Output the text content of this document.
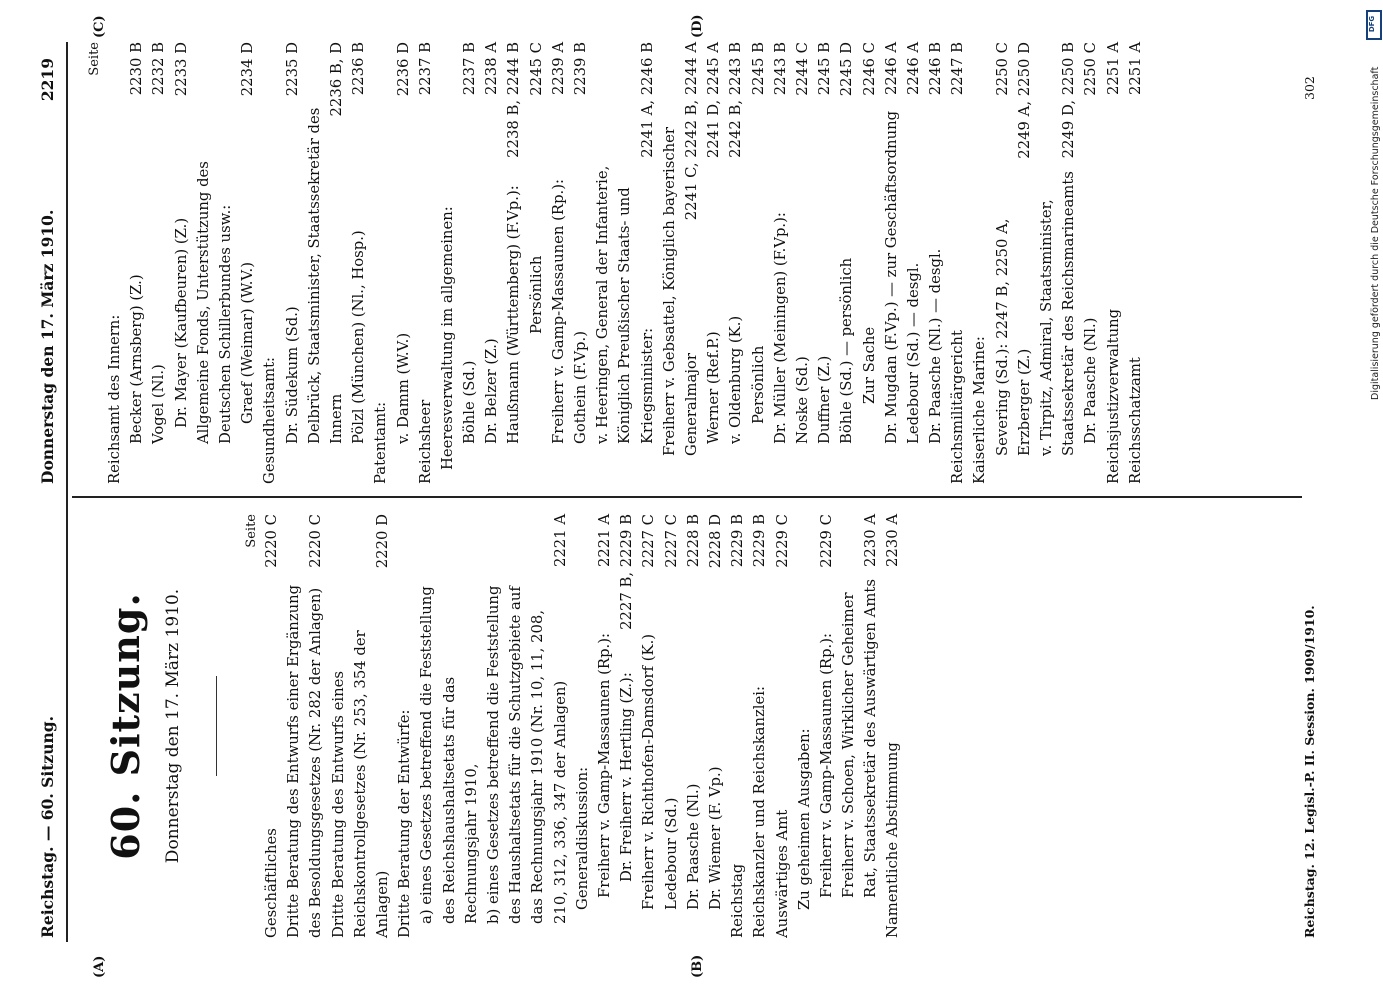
Reichstag. — 60. Sitzung.
Donnerstag den 17. März 1910.
2219
(A)	(B)
(C)	(D)
60. Sitzung. Donnerstag den 17. März 1910.
Seite
Geschäftliches
2220 C
Dritte Beratung des Entwurfs einer Ergänzung des Besoldungsgesetzes (Nr. 282 der Anlagen)
2220 C
Dritte Beratung des Entwurfs eines Reichskontrollgesetzes (Nr. 253, 354 der Anlagen)
2220 D
Dritte Beratung der Entwürfe: a) eines Gesetzes betreffend die Feststellung des Reichshaushaltsetats für das Rechnungsjahr 1910, b) eines Gesetzes betreffend die Feststellung des Haushaltsetats für die Schutzgebiete auf das Rechnungsjahr 1910 (Nr. 10, 11, 208, 210, 312, 336, 347 der Anlagen)
2221 A
Generaldiskussion: Freiherr v. Gamp-Massaunen (Rp.):
2221 A
Dr. Freiherr v. Hertling (Z.):
2227 B, 2229 B
Freiherr v. Richthofen-Damsdorf (K.)
2227 C
Ledebour (Sd.)
2227 C
Dr. Paasche (Nl.)
2228 B
Dr. Wiemer (F. Vp.)
2228 D
Reichstag
2229 B
Reichskanzler und Reichskanzlei:
2229 B
Auswärtiges Amt
2229 C
Zu geheimen Ausgaben: Freiherr v. Gamp-Massaunen (Rp.):
2229 C
Freiherr v. Schoen, Wirklicher Geheimer Rat, Staatssekretär des Auswärtigen Amts
2230 A
Namentliche Abstimmung
2230 A
Seite
Reichsamt des Innern: Becker (Arnsberg) (Z.)
2230 B
Vogel (Nl.)
2232 B
Dr. Mayer (Kaufbeuren) (Z.)
2233 D
Allgemeine Fonds, Unterstützung des Deutschen Schillerbundes usw.: Graef (Weimar) (W.V.)
2234 D
Gesundheitsamt: Dr. Südekum (Sd.)
2235 D
Delbrück, Staatsminister, Staatssekretär des Innern
2236 B, D
Pölzl (München) (Nl., Hosp.)
2236 B
Patentamt: v. Damm (W.V.)
2236 D
Reichsheer
2237 B
Heeresverwaltung im allgemeinen: Böhle (Sd.)
2237 B
Dr. Belzer (Z.)
2238 A
Haußmann (Württemberg) (F.Vp.):
2238 B, 2244 B
Persönlich
2245 C
Freiherr v. Gamp-Massaunen (Rp.):
2239 A
Gothein (F.Vp.)
2239 B
v. Heeringen, General der Infanterie, Königlich Preußischer Staats- und Kriegsminister:
2241 A, 2246 B
Freiherr v. Gebsattel, Königlich bayerischer Generalmajor
2241 C, 2242 B, 2244 A
Werner (Ref.P.)
2241 D, 2245 A
v. Oldenburg (K.)
2242 B, 2243 B
Persönlich
2245 B
Dr. Müller (Meiningen) (F.Vp.):
2243 B
Noske (Sd.)
2244 C
Duffner (Z.)
2245 B
Böhle (Sd.) — persönlich
2245 D
Zur Sache
2246 C
Dr. Mugdan (F.Vp.) — zur Geschäftsordnung
2246 A
Ledebour (Sd.) — desgl.
2246 A
Dr. Paasche (Nl.) — desgl.
2246 B
Reichsmilitärgericht
2247 B
Kaiserliche Marine: Severing (Sd.): 2247 B, 2250 A,
2250 C
Erzberger (Z.)
2249 A, 2250 D
v. Tirpitz, Admiral, Staatsminister, Staatssekretär des Reichsmarineamts
2249 D, 2250 B
Dr. Paasche (Nl.)
2250 C
Reichsjustizverwaltung
2251 A
Reichsschatzamt
2251 A
Reichstag. 12. Legisl.-P. II. Session. 1909/1910.
302
DFG
Digitalisierung gefördert durch die Deutsche Forschungsgemeinschaft
